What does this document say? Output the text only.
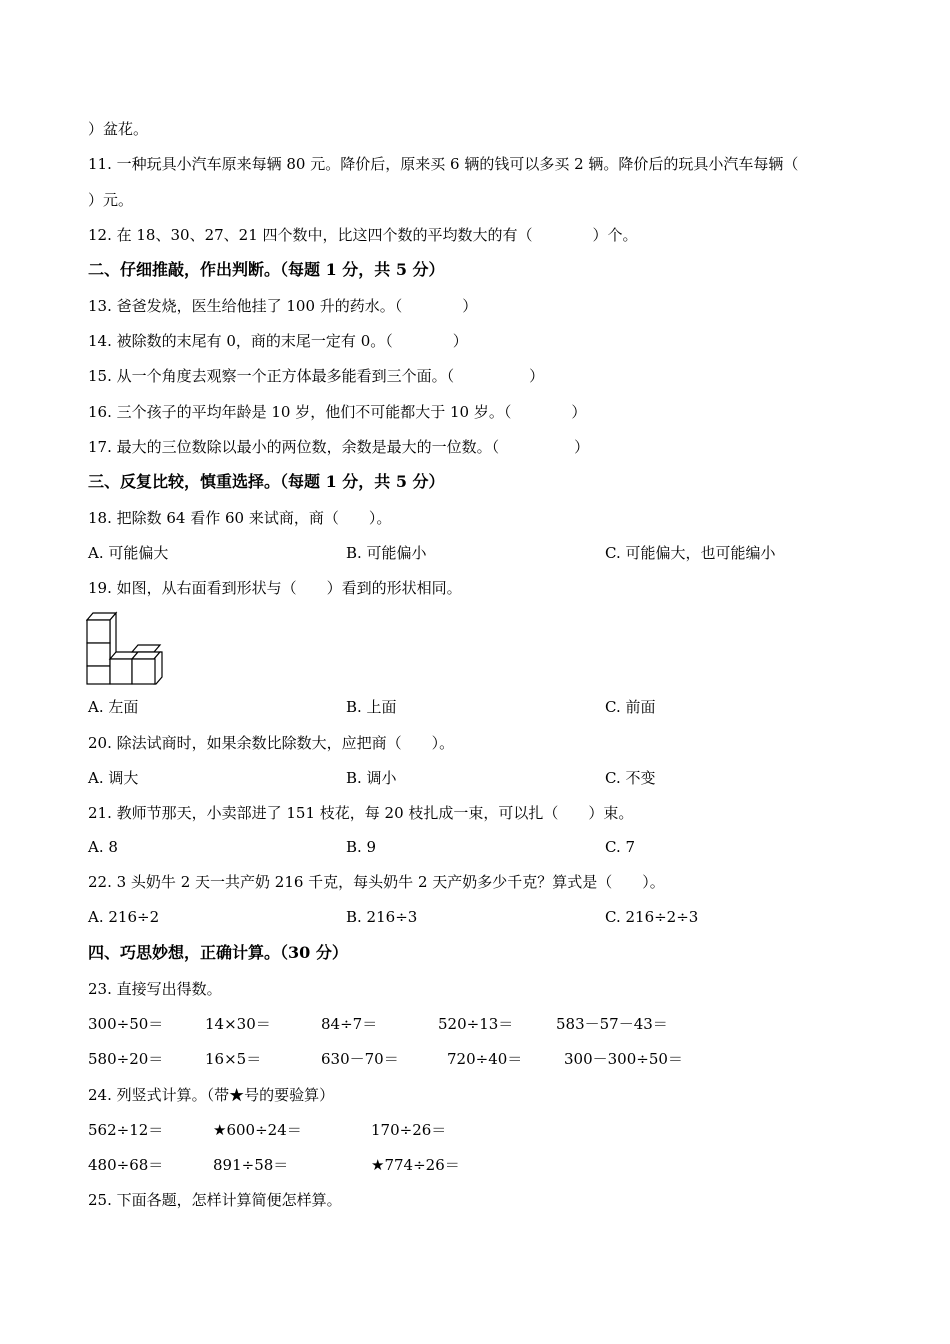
）盆花。
11. 一种玩具小汽车原来每辆 80 元。降价后，原来买 6 辆的钱可以多买 2 辆。降价后的玩具小汽车每辆（
）元。
12. 在 18、30、27、21 四个数中，比这四个数的平均数大的有（　　　　）个。
二、仔细推敲，作出判断。（每题 1 分，共 5 分）
13. 爸爸发烧，医生给他挂了 100 升的药水。（　　　　）
14. 被除数的末尾有 0，商的末尾一定有 0。（　　　　）
15. 从一个角度去观察一个正方体最多能看到三个面。（　　　　　）
16. 三个孩子的平均年龄是 10 岁，他们不可能都大于 10 岁。（　　　　）
17. 最大的三位数除以最小的两位数，余数是最大的一位数。（　　　　　）
三、反复比较，慎重选择。（每题 1 分，共 5 分）
18. 把除数 64 看作 60 来试商，商（　　）。
A. 可能偏大	B. 可能偏小	C. 可能偏大，也可能编小
19. 如图，从右面看到形状与（　　）看到的形状相同。
A. 左面	B. 上面	C. 前面
20. 除法试商时，如果余数比除数大，应把商（　　）。
A. 调大	B. 调小	C. 不变
21. 教师节那天，小卖部进了 151 枝花，每 20 枝扎成一束，可以扎（　　）束。
A. 8	B. 9	C. 7
22. 3 头奶牛 2 天一共产奶 216 千克，每头奶牛 2 天产奶多少千克？算式是（　　）。
A. 216÷2	B. 216÷3	C. 216÷2÷3
四、巧思妙想，正确计算。（30 分）
23. 直接写出得数。
300÷50＝	14×30＝	84÷7＝	520÷13＝	583－57－43＝
580÷20＝	16×5＝	630－70＝	720÷40＝	300－300÷50＝
24. 列竖式计算。（带★号的要验算）
562÷12＝	★600÷24＝	170÷26＝
480÷68＝	891÷58＝	★774÷26＝
25. 下面各题，怎样计算简便怎样算。
